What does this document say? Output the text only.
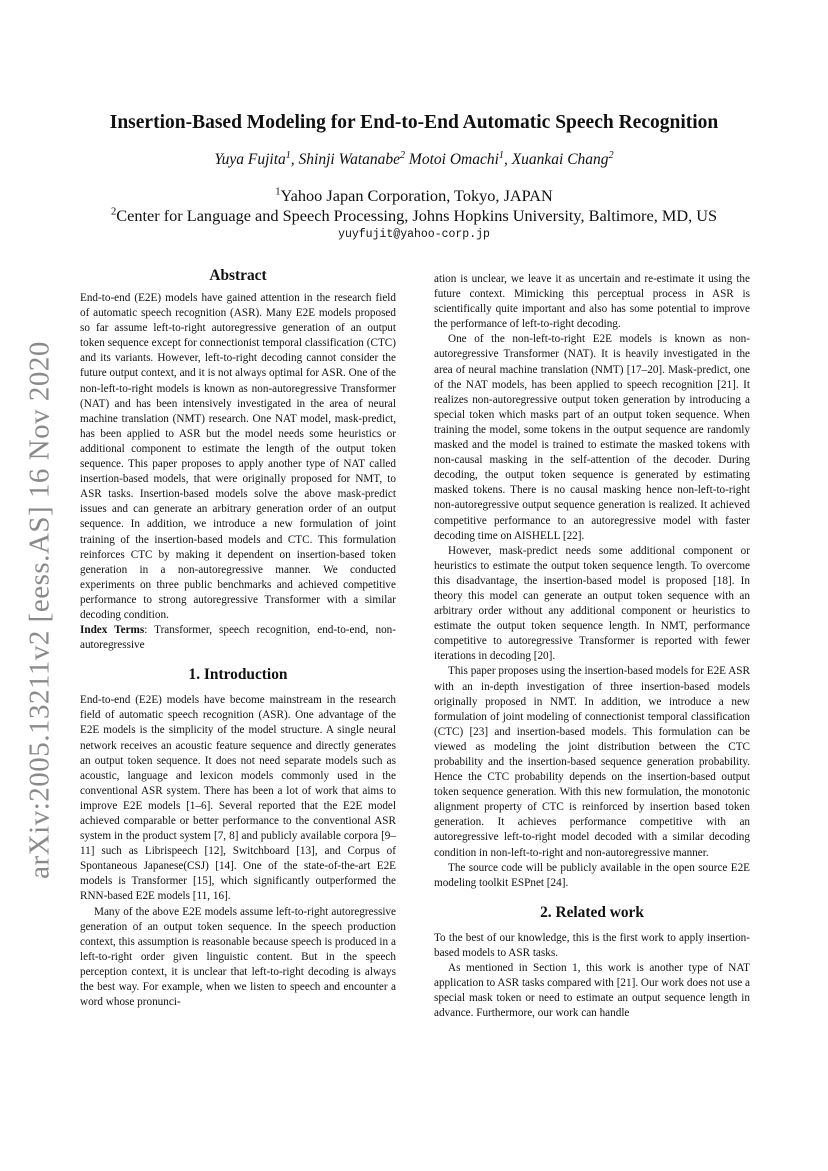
arXiv:2005.13211v2 [eess.AS] 16 Nov 2020
Insertion-Based Modeling for End-to-End Automatic Speech Recognition
Yuya Fujita$^1$, Shinji Watanabe$^2$ Motoi Omachi$^1$, Xuankai Chang$^2$
$^1$Yahoo Japan Corporation, Tokyo, JAPAN
$^2$Center for Language and Speech Processing, Johns Hopkins University, Baltimore, MD, US
yuyfujit@yahoo-corp.jp
Abstract

End-to-end (E2E) models have gained attention in the research field of automatic speech recognition (ASR). Many E2E models proposed so far assume left-to-right autoregressive generation of an output token sequence except for connectionist temporal classification (CTC) and its variants. However, left-to-right decoding cannot consider the future output context, and it is not always optimal for ASR. One of the non-left-to-right models is known as non-autoregressive Transformer (NAT) and has been intensively investigated in the area of neural machine translation (NMT) research. One NAT model, mask-predict, has been applied to ASR but the model needs some heuristics or additional component to estimate the length of the output token sequence. This paper proposes to apply another type of NAT called insertion-based models, that were originally proposed for NMT, to ASR tasks. Insertion-based models solve the above mask-predict issues and can generate an arbitrary generation order of an output sequence. In addition, we introduce a new formulation of joint training of the insertion-based models and CTC. This formulation reinforces CTC by making it dependent on insertion-based token generation in a non-autoregressive manner. We conducted experiments on three public benchmarks and achieved competitive performance to strong autoregressive Transformer with a similar decoding condition.

Index Terms: Transformer, speech recognition, end-to-end, non-autoregressive

1. Introduction

End-to-end (E2E) models have become mainstream in the research field of automatic speech recognition (ASR). One advantage of the E2E models is the simplicity of the model structure. A single neural network receives an acoustic feature sequence and directly generates an output token sequence. It does not need separate models such as acoustic, language and lexicon models commonly used in the conventional ASR system. There has been a lot of work that aims to improve E2E models [1–6]. Several reported that the E2E model achieved comparable or better performance to the conventional ASR system in the product system [7, 8] and publicly available corpora [9–11] such as Librispeech [12], Switchboard [13], and Corpus of Spontaneous Japanese(CSJ) [14]. One of the state-of-the-art E2E models is Transformer [15], which significantly outperformed the RNN-based E2E models [11, 16].

Many of the above E2E models assume left-to-right autoregressive generation of an output token sequence. In the speech production context, this assumption is reasonable because speech is produced in a left-to-right order given linguistic content. But in the speech perception context, it is unclear that left-to-right decoding is always the best way. For example, when we listen to speech and encounter a word whose pronunci-

ation is unclear, we leave it as uncertain and re-estimate it using the future context. Mimicking this perceptual process in ASR is scientifically quite important and also has some potential to improve the performance of left-to-right decoding.

One of the non-left-to-right E2E models is known as non-autoregressive Transformer (NAT). It is heavily investigated in the area of neural machine translation (NMT) [17–20]. Mask-predict, one of the NAT models, has been applied to speech recognition [21]. It realizes non-autoregressive output token generation by introducing a special token which masks part of an output token sequence. When training the model, some tokens in the output sequence are randomly masked and the model is trained to estimate the masked tokens with non-causal masking in the self-attention of the decoder. During decoding, the output token sequence is generated by estimating masked tokens. There is no causal masking hence non-left-to-right non-autoregressive output sequence generation is realized. It achieved competitive performance to an autoregressive model with faster decoding time on AISHELL [22].

However, mask-predict needs some additional component or heuristics to estimate the output token sequence length. To overcome this disadvantage, the insertion-based model is proposed [18]. In theory this model can generate an output token sequence with an arbitrary order without any additional component or heuristics to estimate the output token sequence length. In NMT, performance competitive to autoregressive Transformer is reported with fewer iterations in decoding [20].

This paper proposes using the insertion-based models for E2E ASR with an in-depth investigation of three insertion-based models originally proposed in NMT. In addition, we introduce a new formulation of joint modeling of connectionist temporal classification (CTC) [23] and insertion-based models. This formulation can be viewed as modeling the joint distribution between the CTC probability and the insertion-based sequence generation probability. Hence the CTC probability depends on the insertion-based output token sequence generation. With this new formulation, the monotonic alignment property of CTC is reinforced by insertion based token generation. It achieves performance competitive with an autoregressive left-to-right model decoded with a similar decoding condition in non-left-to-right and non-autoregressive manner.

The source code will be publicly available in the open source E2E modeling toolkit ESPnet [24].

2. Related work

To the best of our knowledge, this is the first work to apply insertion-based models to ASR tasks.

As mentioned in Section 1, this work is another type of NAT application to ASR tasks compared with [21]. Our work does not use a special mask token or need to estimate an output sequence length in advance. Furthermore, our work can handle
